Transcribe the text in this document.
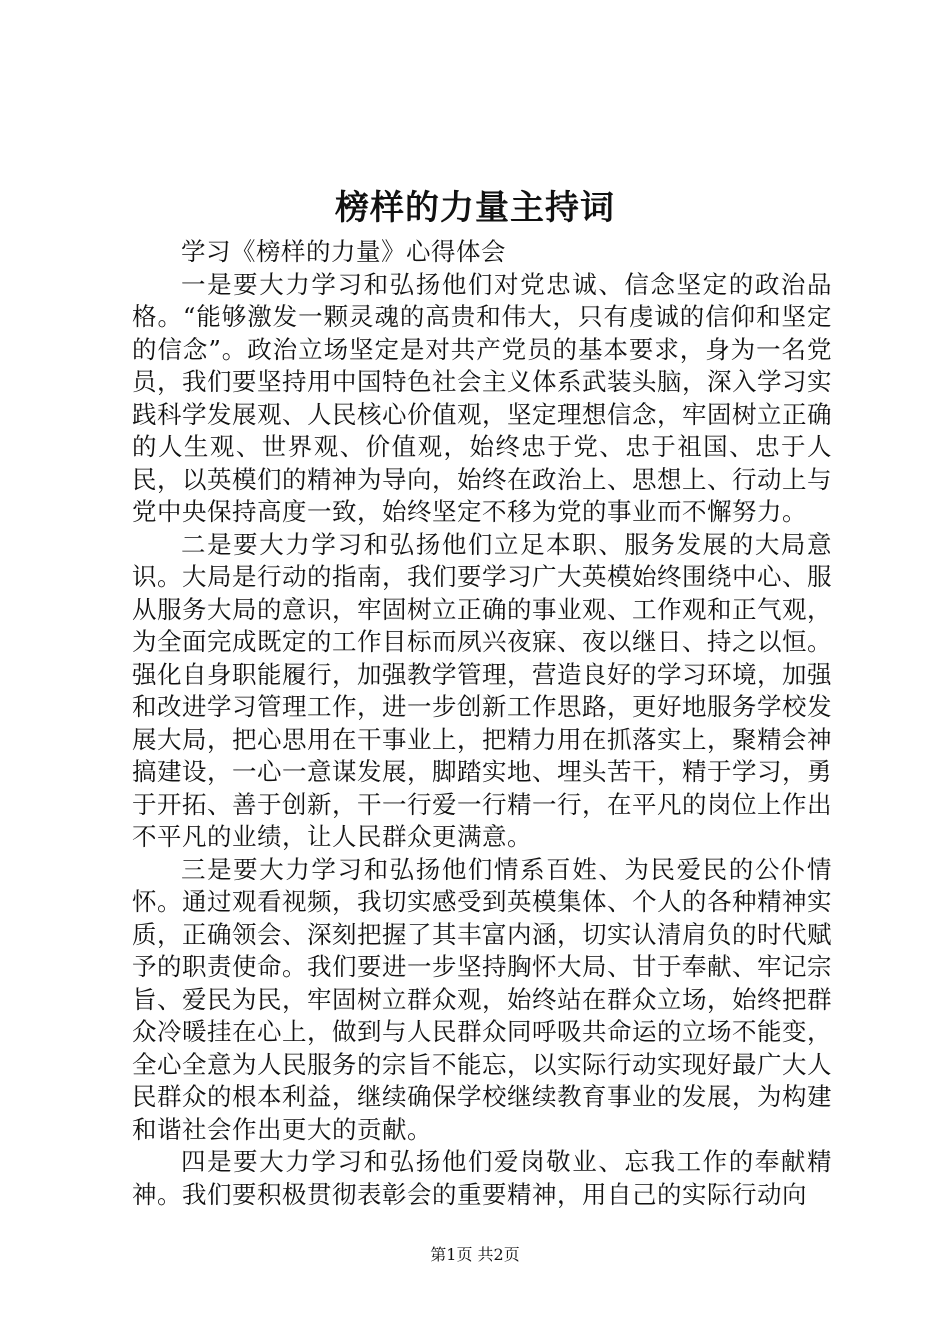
榜样的力量主持词

学习《榜样的力量》心得体会

一是要大力学习和弘扬他们对党忠诚、信念坚定的政治品格。“能够激发一颗灵魂的高贵和伟大，只有虔诚的信仰和坚定的信念”。政治立场坚定是对共产党员的基本要求，身为一名党员，我们要坚持用中国特色社会主义体系武装头脑，深入学习实践科学发展观、人民核心价值观，坚定理想信念，牢固树立正确的人生观、世界观、价值观，始终忠于党、忠于祖国、忠于人民，以英模们的精神为导向，始终在政治上、思想上、行动上与党中央保持高度一致，始终坚定不移为党的事业而不懈努力。

二是要大力学习和弘扬他们立足本职、服务发展的大局意识。大局是行动的指南，我们要学习广大英模始终围绕中心、服从服务大局的意识，牢固树立正确的事业观、工作观和正气观，为全面完成既定的工作目标而夙兴夜寐、夜以继日、持之以恒。强化自身职能履行，加强教学管理，营造良好的学习环境，加强和改进学习管理工作，进一步创新工作思路，更好地服务学校发展大局，把心思用在干事业上，把精力用在抓落实上，聚精会神搞建设，一心一意谋发展，脚踏实地、埋头苦干，精于学习，勇于开拓、善于创新，干一行爱一行精一行，在平凡的岗位上作出不平凡的业绩，让人民群众更满意。

三是要大力学习和弘扬他们情系百姓、为民爱民的公仆情怀。通过观看视频，我切实感受到英模集体、个人的各种精神实质，正确领会、深刻把握了其丰富内涵，切实认清肩负的时代赋予的职责使命。我们要进一步坚持胸怀大局、甘于奉献、牢记宗旨、爱民为民，牢固树立群众观，始终站在群众立场，始终把群众冷暖挂在心上，做到与人民群众同呼吸共命运的立场不能变，全心全意为人民服务的宗旨不能忘，以实际行动实现好最广大人民群众的根本利益，继续确保学校继续教育事业的发展，为构建和谐社会作出更大的贡献。

四是要大力学习和弘扬他们爱岗敬业、忘我工作的奉献精神。我们要积极贯彻表彰会的重要精神，用自己的实际行动向

第1页 共2页
